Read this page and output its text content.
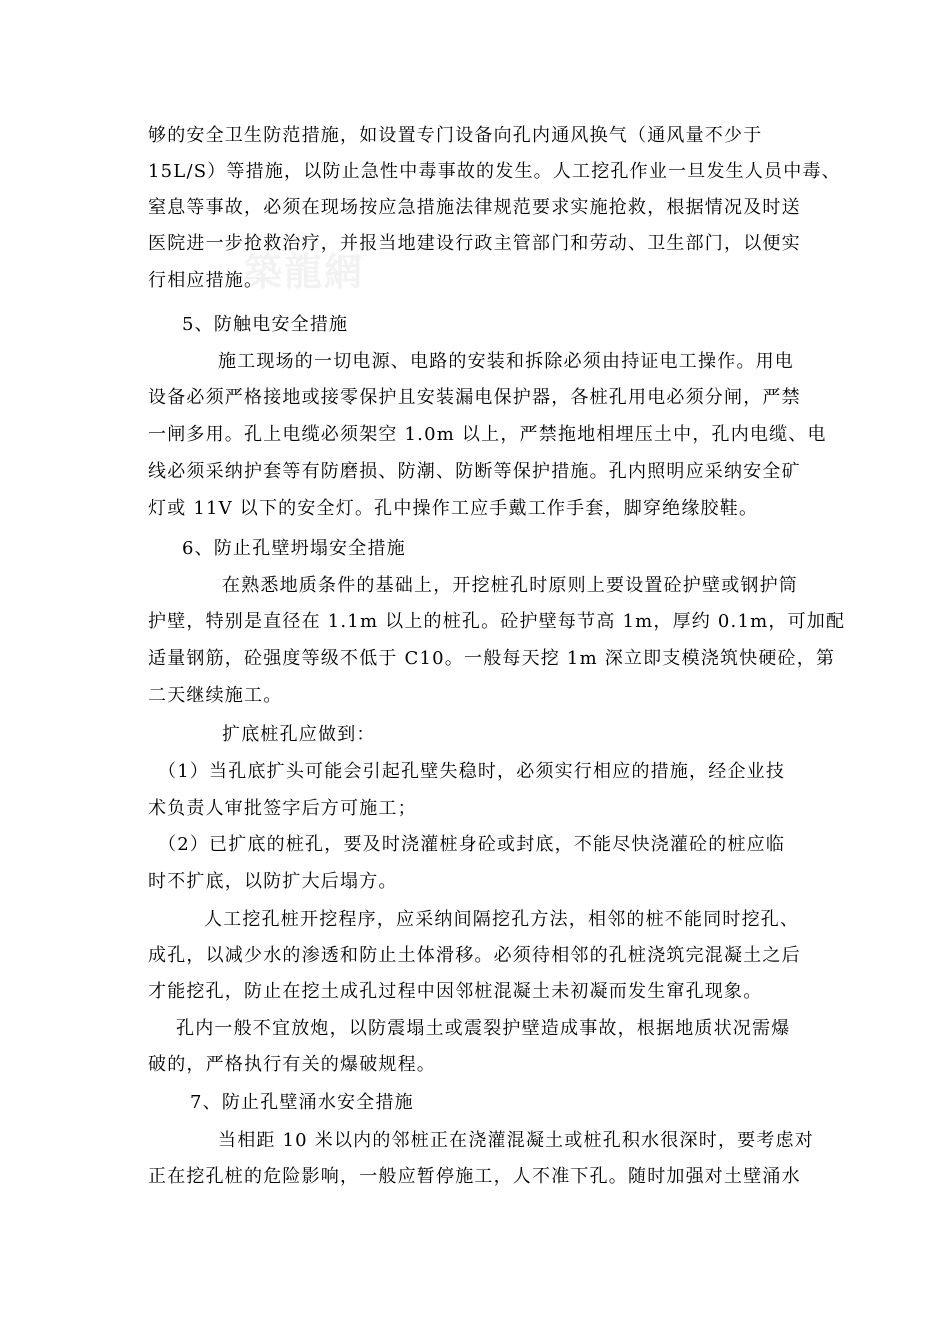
築龍網
够的安全卫生防范措施，如设置专门设备向孔内通风换气（通风量不少于
15L/S）等措施，以防止急性中毒事故的发生。人工挖孔作业一旦发生人员中毒、
窒息等事故，必须在现场按应急措施法律规范要求实施抢救，根据情况及时送
医院进一步抢救治疗，并报当地建设行政主管部门和劳动、卫生部门，以便实
行相应措施。
5、防触电安全措施
施工现场的一切电源、电路的安装和拆除必须由持证电工操作。用电
设备必须严格接地或接零保护且安装漏电保护器，各桩孔用电必须分闸，严禁
一闸多用。孔上电缆必须架空 1.0m 以上，严禁拖地相埋压土中，孔内电缆、电
线必须采纳护套等有防磨损、防潮、防断等保护措施。孔内照明应采纳安全矿
灯或 11V 以下的安全灯。孔中操作工应手戴工作手套，脚穿绝缘胶鞋。
6、防止孔壁坍塌安全措施
在熟悉地质条件的基础上，开挖桩孔时原则上要设置砼护壁或钢护筒
护壁，特别是直径在 1.1m 以上的桩孔。砼护壁每节高 1m，厚约 0.1m，可加配
适量钢筋，砼强度等级不低于 C10。一般每天挖 1m 深立即支模浇筑快硬砼，第
二天继续施工。
扩底桩孔应做到：
（1）当孔底扩头可能会引起孔壁失稳时，必须实行相应的措施，经企业技
术负责人审批签字后方可施工；
（2）已扩底的桩孔，要及时浇灌桩身砼或封底，不能尽快浇灌砼的桩应临
时不扩底，以防扩大后塌方。
人工挖孔桩开挖程序，应采纳间隔挖孔方法，相邻的桩不能同时挖孔、
成孔，以减少水的渗透和防止土体滑移。必须待相邻的孔桩浇筑完混凝土之后
才能挖孔，防止在挖土成孔过程中因邻桩混凝土未初凝而发生窜孔现象。
孔内一般不宜放炮，以防震塌土或震裂护壁造成事故，根据地质状况需爆
破的，严格执行有关的爆破规程。
7、防止孔壁涌水安全措施
当相距 10 米以内的邻桩正在浇灌混凝土或桩孔积水很深时，要考虑对
正在挖孔桩的危险影响，一般应暂停施工，人不准下孔。随时加强对土壁涌水
